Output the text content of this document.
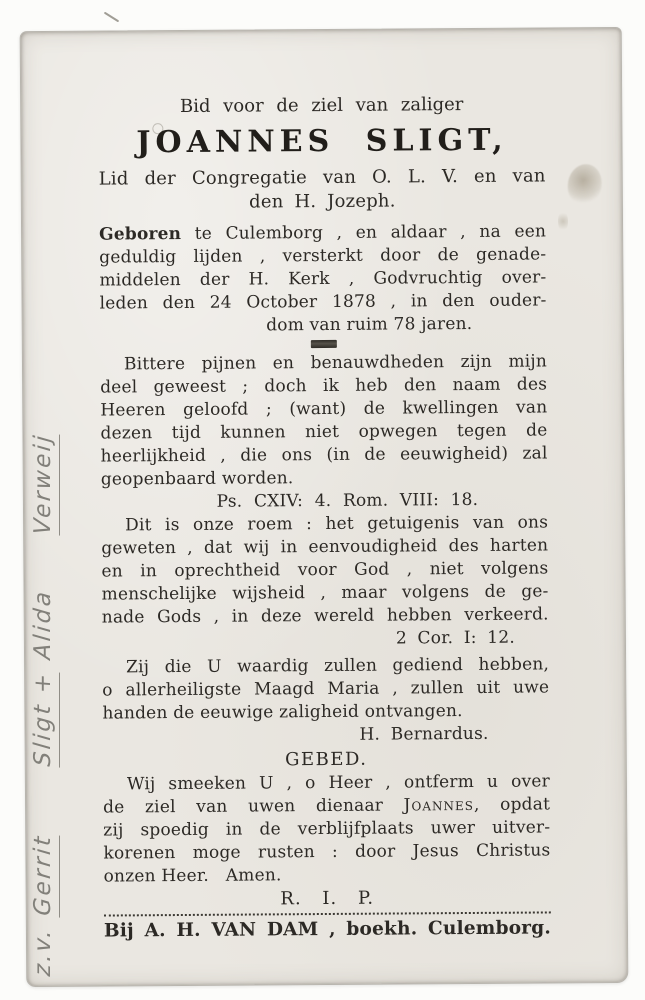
Bid voor de ziel van zaliger
JOANNES SLIGT,
Lid der Congregatie van O. L. V. en van
den H. Jozeph.
Geboren te Culemborg , en aldaar , na een
geduldig lijden , versterkt door de genade-
middelen der H. Kerk , Godvruchtig over-
leden den 24 October 1878 , in den ouder-
dom van ruim 78 jaren.
Bittere pijnen en benauwdheden zijn mijn
deel geweest ; doch ik heb den naam des
Heeren geloofd ; (want) de kwellingen van
dezen tijd kunnen niet opwegen tegen de
heerlijkheid , die ons (in de eeuwigheid) zal
geopenbaard worden.
Ps. CXIV: 4. Rom. VIII: 18.
Dit is onze roem : het getuigenis van ons
geweten , dat wij in eenvoudigheid des harten
en in oprechtheid voor God , niet volgens
menschelijke wijsheid , maar volgens de ge-
nade Gods , in deze wereld hebben verkeerd.
2 Cor. I: 12.
Zij die U waardig zullen gediend hebben,
o allerheiligste Maagd Maria , zullen uit uwe
handen de eeuwige zaligheid ontvangen.
H. Bernardus.
GEBED.
Wij smeeken U , o Heer , ontferm u over
de ziel van uwen dienaar Joannes, opdat
zij spoedig in de verblijfplaats uwer uitver-
korenen moge rusten : door Jesus Christus
onzen Heer.   Amen.
R. I. P.
Bij A. H. VAN DAM , boekh. Culemborg.
z.v.GerritSligt +AlidaVerweij
